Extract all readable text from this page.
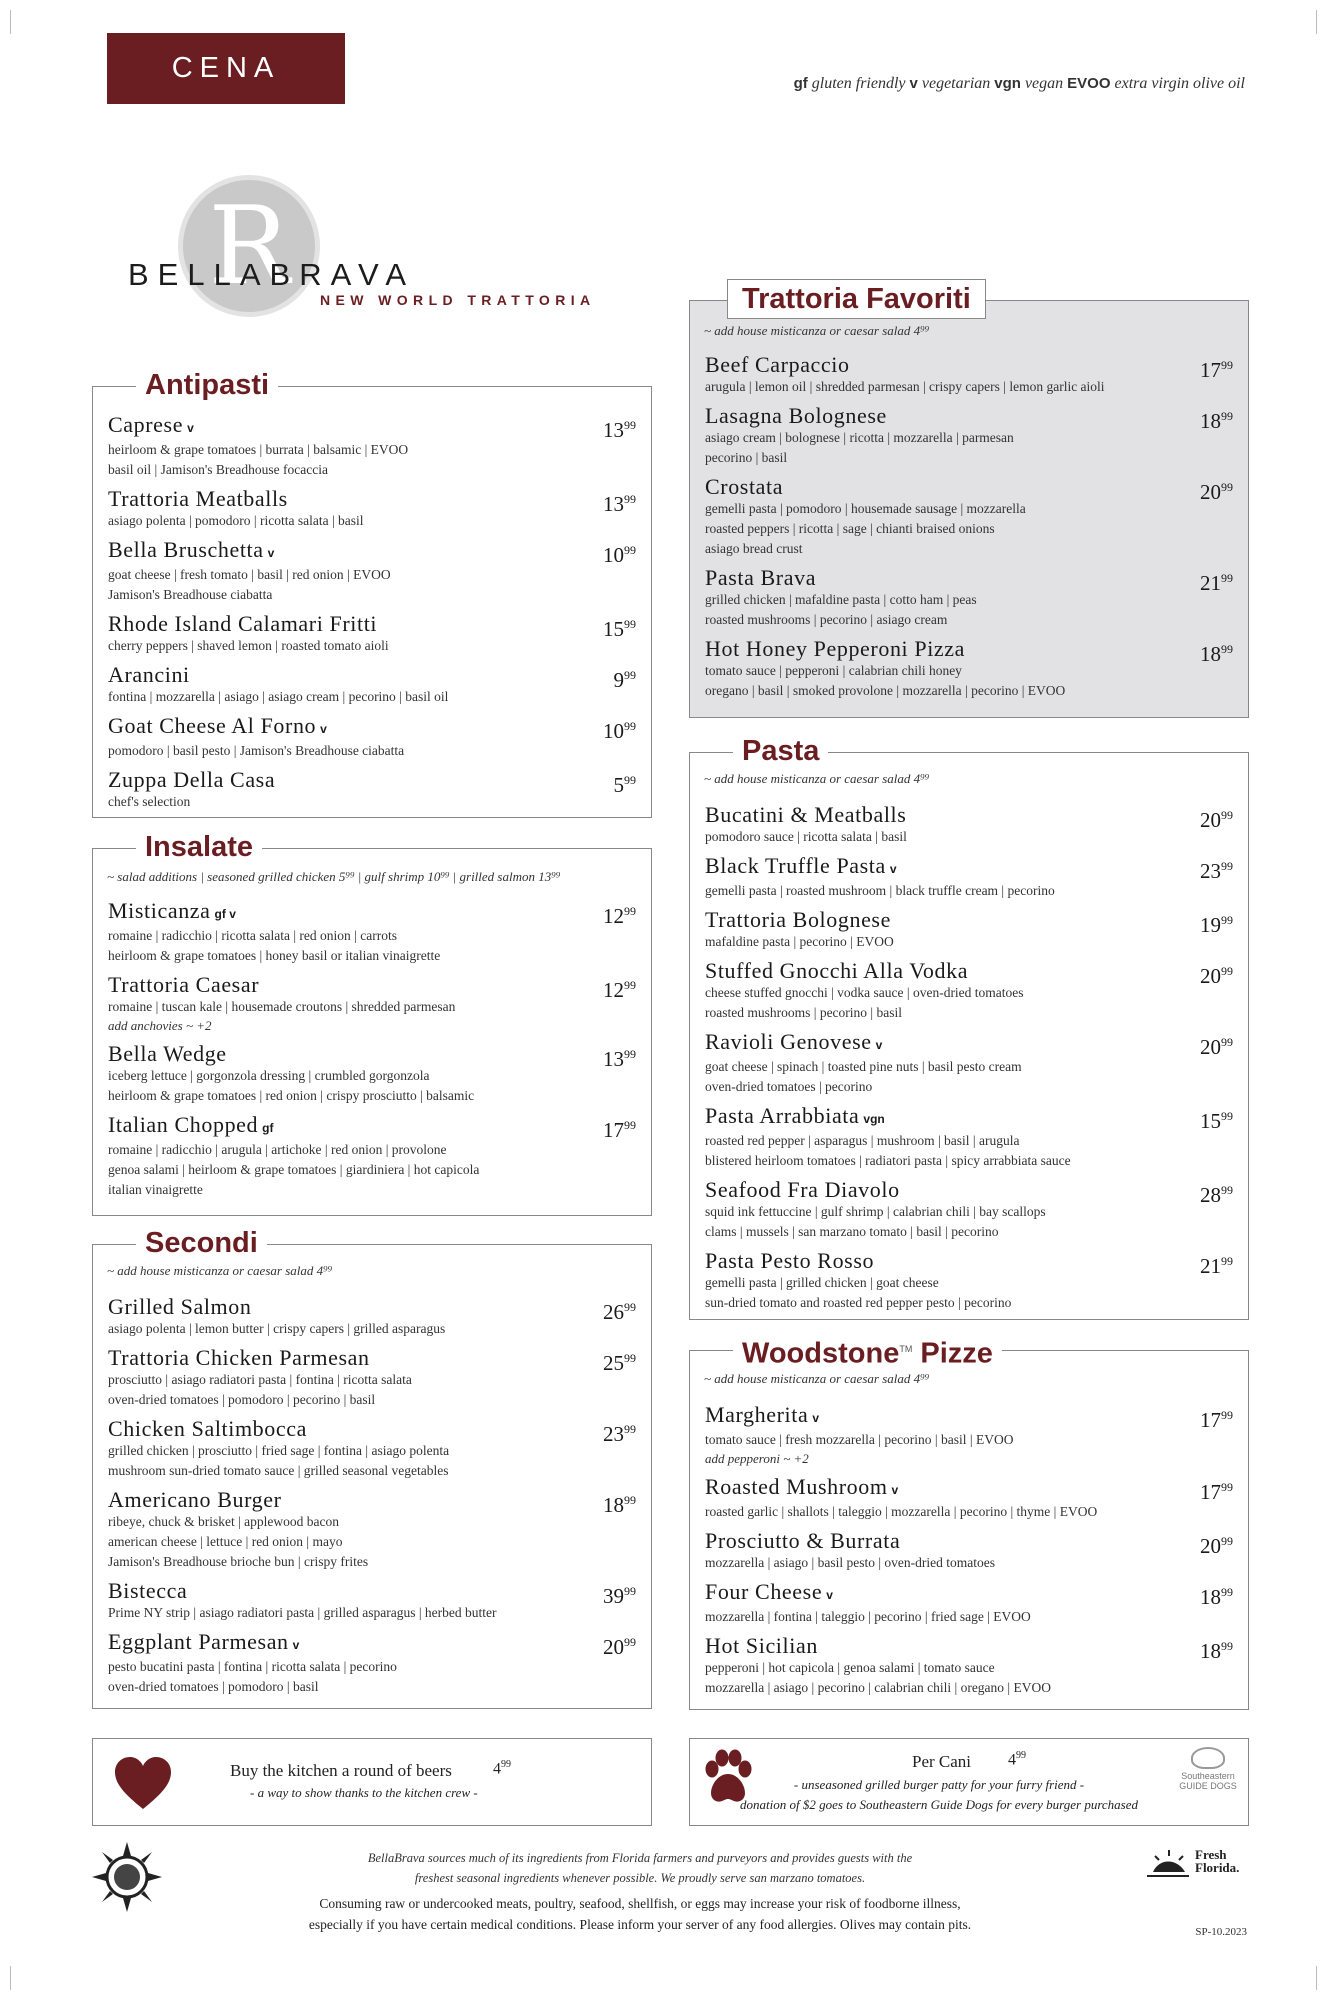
CENA	gf gluten friendly v vegetarian vgn vegan EVOO extra virgin olive oil
R
BELLABRAVA
NEW WORLD TRATTORIA
Antipasti
Caprese v	$13^{99}$
heirloom & grape tomatoes | burrata | balsamic | EVOO
basil oil | Jamison's Breadhouse focaccia
Trattoria Meatballs	$13^{99}$
asiago polenta | pomodoro | ricotta salata | basil
Bella Bruschetta v	$10^{99}$
goat cheese | fresh tomato | basil | red onion | EVOO
Jamison's Breadhouse ciabatta
Rhode Island Calamari Fritti	$15^{99}$
cherry peppers | shaved lemon | roasted tomato aioli
Arancini	$9^{99}$
fontina | mozzarella | asiago | asiago cream | pecorino | basil oil
Goat Cheese Al Forno v	$10^{99}$
pomodoro | basil pesto | Jamison's Breadhouse ciabatta
Zuppa Della Casa	$5^{99}$
chef's selection
Insalate
~ salad additions | seasoned grilled chicken 5⁹⁹ | gulf shrimp 10⁹⁹ | grilled salmon 13⁹⁹
Misticanza gf v	$12^{99}$
romaine | radicchio | ricotta salata | red onion | carrots
heirloom & grape tomatoes | honey basil or italian vinaigrette
Trattoria Caesar	$12^{99}$
romaine | tuscan kale | housemade croutons | shredded parmesan
add anchovies ~ +2
Bella Wedge	$13^{99}$
iceberg lettuce | gorgonzola dressing | crumbled gorgonzola
heirloom & grape tomatoes | red onion | crispy prosciutto | balsamic
Italian Chopped gf	$17^{99}$
romaine | radicchio | arugula | artichoke | red onion | provolone
genoa salami | heirloom & grape tomatoes | giardiniera | hot capicola
italian vinaigrette
Secondi
~ add house misticanza or caesar salad 4⁹⁹
Grilled Salmon	$26^{99}$
asiago polenta | lemon butter | crispy capers | grilled asparagus
Trattoria Chicken Parmesan	$25^{99}$
prosciutto | asiago radiatori pasta | fontina | ricotta salata
oven-dried tomatoes | pomodoro | pecorino | basil
Chicken Saltimbocca	$23^{99}$
grilled chicken | prosciutto | fried sage | fontina | asiago polenta
mushroom sun-dried tomato sauce | grilled seasonal vegetables
Americano Burger	$18^{99}$
ribeye, chuck & brisket | applewood bacon
american cheese | lettuce | red onion | mayo
Jamison's Breadhouse brioche bun | crispy frites
Bistecca	$39^{99}$
Prime NY strip | asiago radiatori pasta | grilled asparagus | herbed butter
Eggplant Parmesan v	$20^{99}$
pesto bucatini pasta | fontina | ricotta salata | pecorino
oven-dried tomatoes | pomodoro | basil
Trattoria Favoriti
~ add house misticanza or caesar salad 4⁹⁹
Beef Carpaccio	$17^{99}$
arugula | lemon oil | shredded parmesan | crispy capers | lemon garlic aioli
Lasagna Bolognese	$18^{99}$
asiago cream | bolognese | ricotta | mozzarella | parmesan
pecorino | basil
Crostata	$20^{99}$
gemelli pasta | pomodoro | housemade sausage | mozzarella
roasted peppers | ricotta | sage | chianti braised onions
asiago bread crust
Pasta Brava	$21^{99}$
grilled chicken | mafaldine pasta | cotto ham | peas
roasted mushrooms | pecorino | asiago cream
Hot Honey Pepperoni Pizza	$18^{99}$
tomato sauce | pepperoni | calabrian chili honey
oregano | basil | smoked provolone | mozzarella | pecorino | EVOO
Pasta
~ add house misticanza or caesar salad 4⁹⁹
Bucatini & Meatballs	$20^{99}$
pomodoro sauce | ricotta salata | basil
Black Truffle Pasta v	$23^{99}$
gemelli pasta | roasted mushroom | black truffle cream | pecorino
Trattoria Bolognese	$19^{99}$
mafaldine pasta | pecorino | EVOO
Stuffed Gnocchi Alla Vodka	$20^{99}$
cheese stuffed gnocchi | vodka sauce | oven-dried tomatoes
roasted mushrooms | pecorino | basil
Ravioli Genovese v	$20^{99}$
goat cheese | spinach | toasted pine nuts | basil pesto cream
oven-dried tomatoes | pecorino
Pasta Arrabbiata vgn	$15^{99}$
roasted red pepper | asparagus | mushroom | basil | arugula
blistered heirloom tomatoes | radiatori pasta | spicy arrabbiata sauce
Seafood Fra Diavolo	$28^{99}$
squid ink fettuccine | gulf shrimp | calabrian chili | bay scallops
clams | mussels | san marzano tomato | basil | pecorino
Pasta Pesto Rosso	$21^{99}$
gemelli pasta | grilled chicken | goat cheese
sun-dried tomato and roasted red pepper pesto | pecorino
Woodstone™ Pizze
~ add house misticanza or caesar salad 4⁹⁹
Margherita v	$17^{99}$
tomato sauce | fresh mozzarella | pecorino | basil | EVOO
add pepperoni ~ +2
Roasted Mushroom v	$17^{99}$
roasted garlic | shallots | taleggio | mozzarella | pecorino | thyme | EVOO
Prosciutto & Burrata	$20^{99}$
mozzarella | asiago | basil pesto | oven-dried tomatoes
Four Cheese v	$18^{99}$
mozzarella | fontina | taleggio | pecorino | fried sage | EVOO
Hot Sicilian	$18^{99}$
pepperoni | hot capicola | genoa salami | tomato sauce
mozzarella | asiago | pecorino | calabrian chili | oregano | EVOO
Buy the kitchen a round of beers	$4^{99}$
- a way to show thanks to the kitchen crew -
Per Cani $4^{99}$
- unseasoned grilled burger patty for your furry friend -
donation of $2 goes to Southeastern Guide Dogs for every burger purchased
Southeastern
GUIDE DOGS
BellaBrava sources much of its ingredients from Florida farmers and purveyors and provides guests with the
freshest seasonal ingredients whenever possible. We proudly serve san marzano tomatoes.
Consuming raw or undercooked meats, poultry, seafood, shellfish, or eggs may increase your risk of foodborne illness,
especially if you have certain medical conditions. Please inform your server of any food allergies. Olives may contain pits.
Fresh
Florida.
SP-10.2023
